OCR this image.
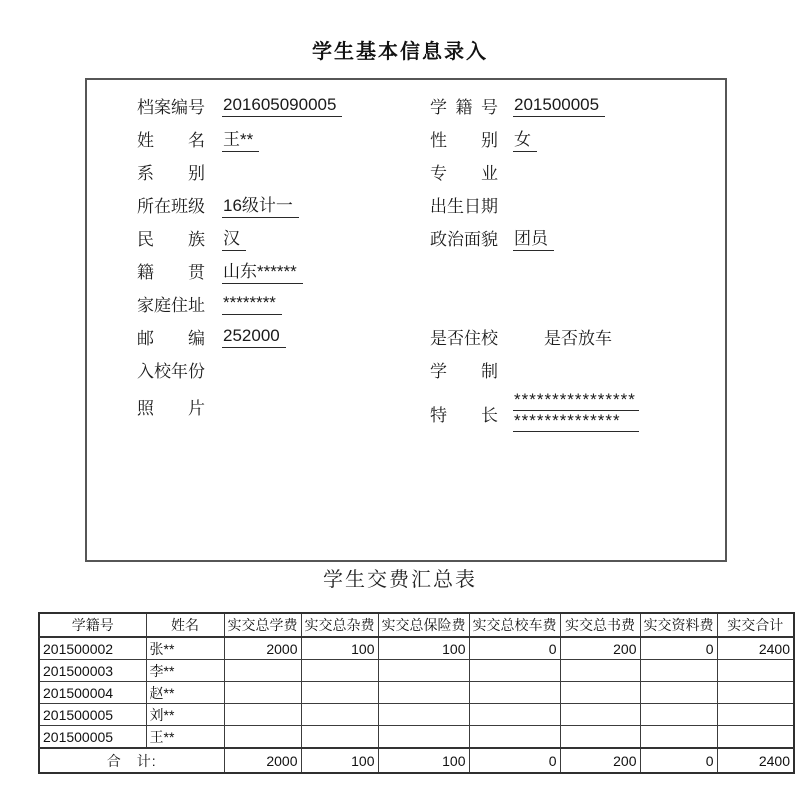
学生基本信息录入
档案编号 201605090005	学 籍 号 201500005
姓 名 王**	性 别 女
系 别	专 业
所在班级 16级计一	出生日期
民 族 汉	政治面貌 团员
籍 贯 山东******
家庭住址 ********
邮 编 252000	是否住校	是否放车
入校年份	学 制
照 片	特 长
****************
**************
学生交费汇总表
学籍号	姓名	实交总学费	实交总杂费	实交总保险费	实交总校车费	实交总书费	实交资料费	实交合计
201500002	张**	2000	100	100	0	200	0	2400
201500003	李**							
201500004	赵**							
201500005	刘**							
201500005	王**							
合　计:		2000	100	100	0	200	0	2400
